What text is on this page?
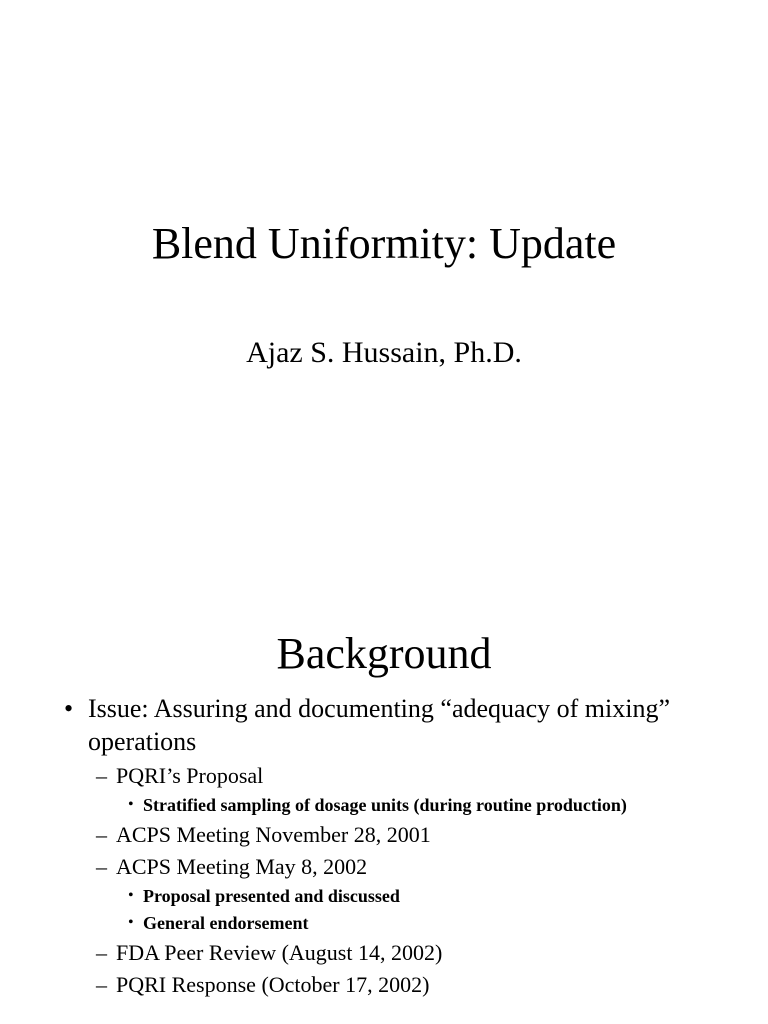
Blend Uniformity: Update
Ajaz S. Hussain, Ph.D.
Background
• Issue: Assuring and documenting “adequacy of mixing” operations
– PQRI’s Proposal
• Stratified sampling of dosage units (during routine production)
– ACPS Meeting November 28, 2001
– ACPS Meeting May 8, 2002
• Proposal presented and discussed
• General endorsement
– FDA Peer Review (August 14, 2002)
– PQRI Response (October 17, 2002)
